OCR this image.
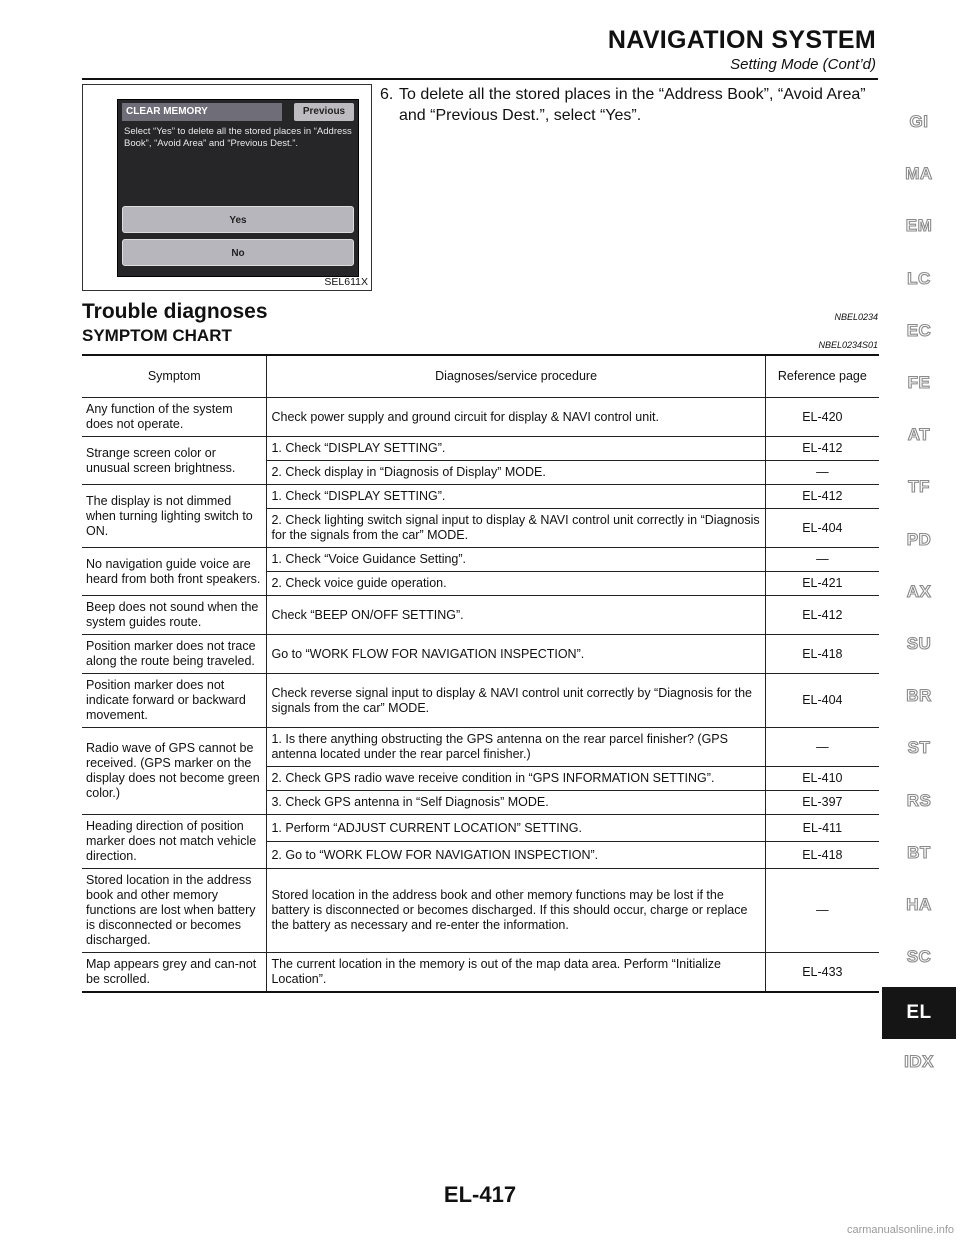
NAVIGATION SYSTEM
Setting Mode (Cont’d)
CLEAR MEMORY	Previous
Select “Yes” to delete all the stored places in “Address Book”, “Avoid Area” and “Previous Dest.”.
Yes
No
SEL611X
6. To delete all the stored places in the “Address Book”, “Avoid Area” and “Previous Dest.”, select “Yes”.
Trouble diagnoses	NBEL0234
SYMPTOM CHART	NBEL0234S01
Symptom	Diagnoses/service procedure	Reference page
Any function of the system does not operate.	Check power supply and ground circuit for display & NAVI control unit.	EL-420
Strange screen color or unusual screen brightness.	1. Check “DISPLAY SETTING”.	EL-412
	2. Check display in “Diagnosis of Display” MODE.	—
The display is not dimmed when turning lighting switch to ON.	1. Check “DISPLAY SETTING”.	EL-412
	2. Check lighting switch signal input to display & NAVI control unit correctly in “Diagnosis for the signals from the car” MODE.	EL-404
No navigation guide voice are heard from both front speakers.	1. Check “Voice Guidance Setting”.	—
	2. Check voice guide operation.	EL-421
Beep does not sound when the system guides route.	Check “BEEP ON/OFF SETTING”.	EL-412
Position marker does not trace along the route being traveled.	Go to “WORK FLOW FOR NAVIGATION INSPECTION”.	EL-418
Position marker does not indicate forward or backward movement.	Check reverse signal input to display & NAVI control unit correctly by “Diagnosis for the signals from the car” MODE.	EL-404
Radio wave of GPS cannot be received. (GPS marker on the display does not become green color.)	1. Is there anything obstructing the GPS antenna on the rear parcel finisher? (GPS antenna located under the rear parcel finisher.)	—
	2. Check GPS radio wave receive condition in “GPS INFORMATION SETTING”.	EL-410
	3. Check GPS antenna in “Self Diagnosis” MODE.	EL-397
Heading direction of position marker does not match vehicle direction.	1. Perform “ADJUST CURRENT LOCATION” SETTING.	EL-411
	2. Go to “WORK FLOW FOR NAVIGATION INSPECTION”.	EL-418
Stored location in the address book and other memory functions are lost when battery is disconnected or becomes discharged.	Stored location in the address book and other memory functions may be lost if the battery is disconnected or becomes discharged. If this should occur, charge or replace the battery as necessary and re-enter the information.	—
Map appears grey and can-not be scrolled.	The current location in the memory is out of the map data area. Perform “Initialize Location”.	EL-433
GI
MA
EM
LC
EC
FE
AT
TF
PD
AX
SU
BR
ST
RS
BT
HA
SC
EL
IDX
EL-417
carmanualsonline.info
